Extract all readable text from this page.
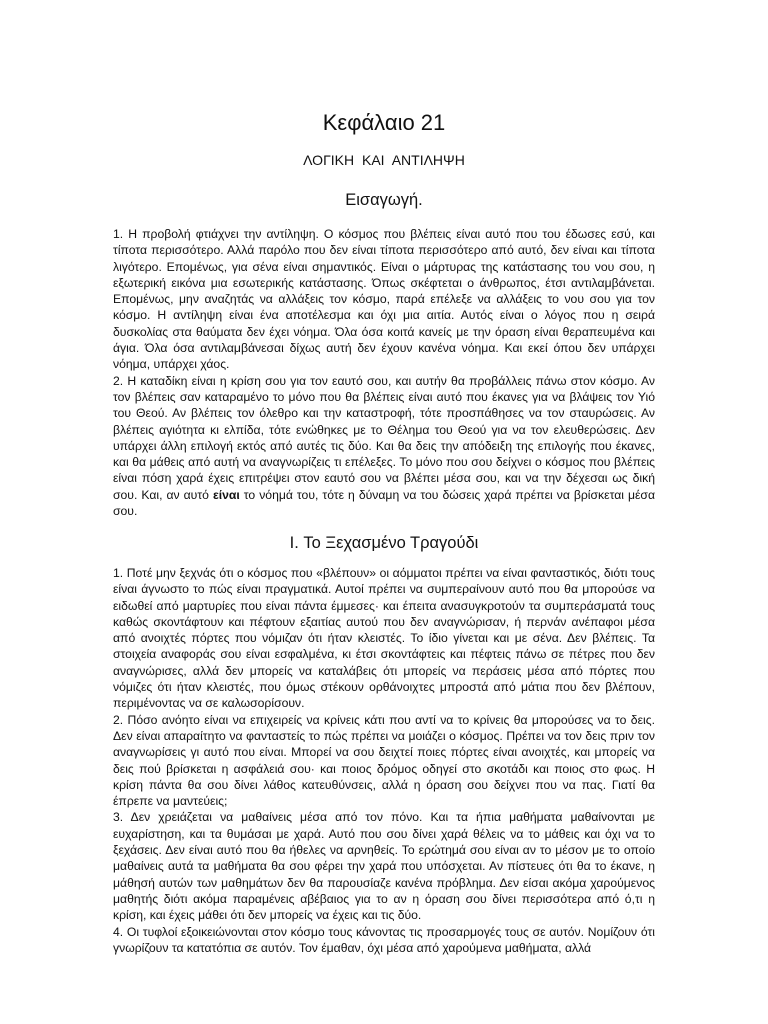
Κεφάλαιο 21
ΛΟΓΙΚΗ ΚΑΙ ΑΝΤΙΛΗΨΗ
Εισαγωγή.

1. Η προβολή φτιάχνει την αντίληψη. Ο κόσμος που βλέπεις είναι αυτό που του έδωσες εσύ, και τίποτα περισσότερο. Αλλά παρόλο που δεν είναι τίποτα περισσότερο από αυτό, δεν είναι και τίποτα λιγότερο. Επομένως, για σένα είναι σημαντικός. Είναι ο μάρτυρας της κατάστασης του νου σου, η εξωτερική εικόνα μια εσωτερικής κατάστασης. Όπως σκέφτεται ο άνθρωπος, έτσι αντιλαμβάνεται. Επομένως, μην αναζητάς να αλλάξεις τον κόσμο, παρά επέλεξε να αλλάξεις το νου σου για τον κόσμο. Η αντίληψη είναι ένα αποτέλεσμα και όχι μια αιτία. Αυτός είναι ο λόγος που η σειρά δυσκολίας στα θαύματα δεν έχει νόημα. Όλα όσα κοιτά κανείς με την όραση είναι θεραπευμένα και άγια. Όλα όσα αντιλαμβάνεσαι δίχως αυτή δεν έχουν κανένα νόημα. Και εκεί όπου δεν υπάρχει νόημα, υπάρχει χάος.

2. Η καταδίκη είναι η κρίση σου για τον εαυτό σου, και αυτήν θα προβάλλεις πάνω στον κόσμο. Αν τον βλέπεις σαν καταραμένο το μόνο που θα βλέπεις είναι αυτό που έκανες για να βλάψεις τον Υιό του Θεού. Αν βλέπεις τον όλεθρο και την καταστροφή, τότε προσπάθησες να τον σταυρώσεις. Αν βλέπεις αγιότητα κι ελπίδα, τότε ενώθηκες με το Θέλημα του Θεού για να τον ελευθερώσεις. Δεν υπάρχει άλλη επιλογή εκτός από αυτές τις δύο. Και θα δεις την απόδειξη της επιλογής που έκανες, και θα μάθεις από αυτή να αναγνωρίζεις τι επέλεξες. Το μόνο που σου δείχνει ο κόσμος που βλέπεις είναι πόση χαρά έχεις επιτρέψει στον εαυτό σου να βλέπει μέσα σου, και να την δέχεσαι ως δική σου. Και, αν αυτό είναι το νόημά του, τότε η δύναμη να του δώσεις χαρά πρέπει να βρίσκεται μέσα σου.

I. Το Ξεχασμένο Τραγούδι

1. Ποτέ μην ξεχνάς ότι ο κόσμος που «βλέπουν» οι αόμματοι πρέπει να είναι φανταστικός, διότι τους είναι άγνωστο το πώς είναι πραγματικά. Αυτοί πρέπει να συμπεραίνουν αυτό που θα μπορούσε να ειδωθεί από μαρτυρίες που είναι πάντα έμμεσες· και έπειτα ανασυγκροτούν τα συμπεράσματά τους καθώς σκοντάφτουν και πέφτουν εξαιτίας αυτού που δεν αναγνώρισαν, ή περνάν ανέπαφοι μέσα από ανοιχτές πόρτες που νόμιζαν ότι ήταν κλειστές. Το ίδιο γίνεται και με σένα. Δεν βλέπεις. Τα στοιχεία αναφοράς σου είναι εσφαλμένα, κι έτσι σκοντάφτεις και πέφτεις πάνω σε πέτρες που δεν αναγνώρισες, αλλά δεν μπορείς να καταλάβεις ότι μπορείς να περάσεις μέσα από πόρτες που νόμιζες ότι ήταν κλειστές, που όμως στέκουν ορθάνοιχτες μπροστά από μάτια που δεν βλέπουν, περιμένοντας να σε καλωσορίσουν.

2. Πόσο ανόητο είναι να επιχειρείς να κρίνεις κάτι που αντί να το κρίνεις θα μπορούσες να το δεις. Δεν είναι απαραίτητο να φανταστείς το πώς πρέπει να μοιάζει ο κόσμος. Πρέπει να τον δεις πριν τον αναγνωρίσεις γι αυτό που είναι. Μπορεί να σου δειχτεί ποιες πόρτες είναι ανοιχτές, και μπορείς να δεις πού βρίσκεται η ασφάλειά σου· και ποιος δρόμος οδηγεί στο σκοτάδι και ποιος στο φως. Η κρίση πάντα θα σου δίνει λάθος κατευθύνσεις, αλλά η όραση σου δείχνει που να πας. Γιατί θα έπρεπε να μαντεύεις;

3. Δεν χρειάζεται να μαθαίνεις μέσα από τον πόνο. Και τα ήπια μαθήματα μαθαίνονται με ευχαρίστηση, και τα θυμάσαι με χαρά. Αυτό που σου δίνει χαρά θέλεις να το μάθεις και όχι να το ξεχάσεις. Δεν είναι αυτό που θα ήθελες να αρνηθείς. Το ερώτημά σου είναι αν το μέσον με το οποίο μαθαίνεις αυτά τα μαθήματα θα σου φέρει την χαρά που υπόσχεται. Αν πίστευες ότι θα το έκανε, η μάθησή αυτών των μαθημάτων δεν θα παρουσίαζε κανένα πρόβλημα. Δεν είσαι ακόμα χαρούμενος μαθητής διότι ακόμα παραμένεις αβέβαιος για το αν η όραση σου δίνει περισσότερα από ό,τι η κρίση, και έχεις μάθει ότι δεν μπορείς να έχεις και τις δύο.

4. Οι τυφλοί εξοικειώνονται στον κόσμο τους κάνοντας τις προσαρμογές τους σε αυτόν. Νομίζουν ότι γνωρίζουν τα κατατόπια σε αυτόν. Τον έμαθαν, όχι μέσα από χαρούμενα μαθήματα, αλλά
